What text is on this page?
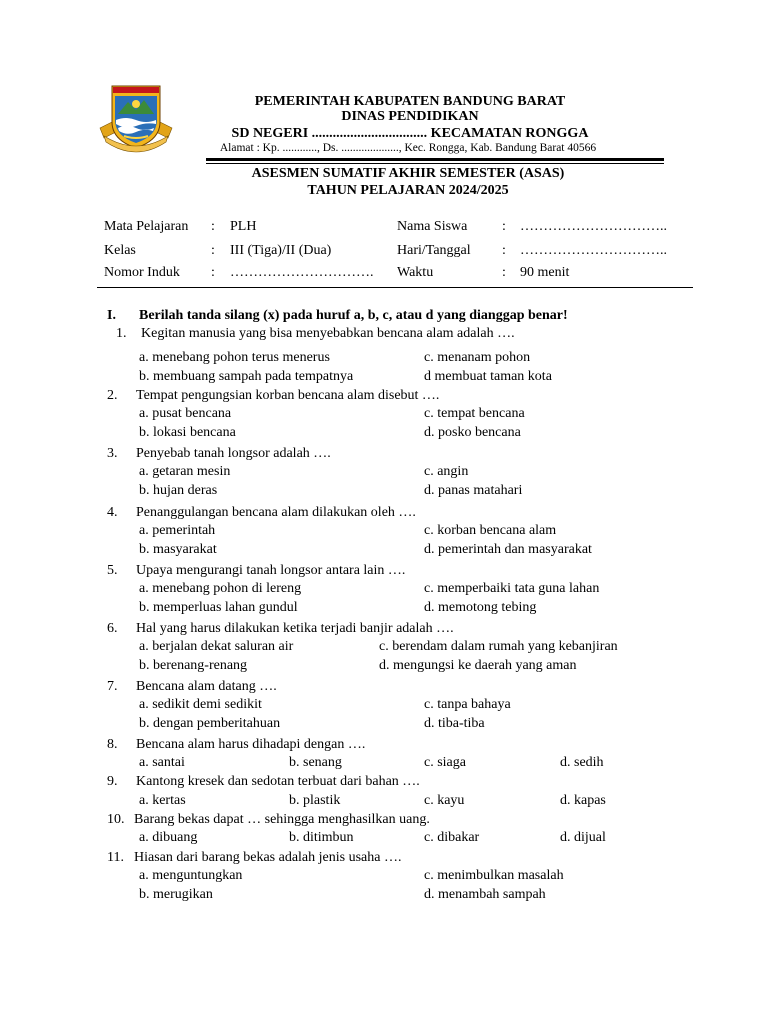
PEMERINTAH KABUPATEN BANDUNG BARAT
DINAS PENDIDIKAN
SD NEGERI ................................. KECAMATAN RONGGA
Alamat : Kp. ............, Ds. ...................., Kec. Rongga, Kab. Bandung Barat 40566
ASESMEN SUMATIF AKHIR SEMESTER (ASAS)
TAHUN PELAJARAN 2024/2025
Mata Pelajaran : PLH	Nama Siswa : …………………………..
Kelas	: III (Tiga)/II (Dua)	Hari/Tanggal : …………………………..
Nomor Induk : …………………………. Waktu	: 90 menit
I. Berilah tanda silang (x) pada huruf a, b, c, atau d yang dianggap benar!
1. Kegitan manusia yang bisa menyebabkan bencana alam adalah ….
a. menebang pohon terus menerus
b. membuang sampah pada tempatnya
c. menanam pohon
d membuat taman kota
2. Tempat pengungsian korban bencana alam disebut ….
a. pusat bencana
b. lokasi bencana
c. tempat bencana
d. posko bencana
3. Penyebab tanah longsor adalah ….
a. getaran mesin
b. hujan deras
c. angin
d. panas matahari
4. Penanggulangan bencana alam dilakukan oleh ….
a. pemerintah
b. masyarakat
c. korban bencana alam
d. pemerintah dan masyarakat
5. Upaya mengurangi tanah longsor antara lain ….
a. menebang pohon di lereng
b. memperluas lahan gundul
c. memperbaiki tata guna lahan
d. memotong tebing
6. Hal yang harus dilakukan ketika terjadi banjir adalah ….
a. berjalan dekat saluran air
b. berenang-renang
c. berendam dalam rumah yang kebanjiran
d. mengungsi ke daerah yang aman
7. Bencana alam datang ….
a. sedikit demi sedikit
b. dengan pemberitahuan
c. tanpa bahaya
d. tiba-tiba
8. Bencana alam harus dihadapi dengan ….
a. santai	b. senang	c. siaga	d. sedih
9. Kantong kresek dan sedotan terbuat dari bahan ….
a. kertas	b. plastik	c. kayu	d. kapas
10. Barang bekas dapat … sehingga menghasilkan uang.
a. dibuang	b. ditimbun	c. dibakar	d. dijual
11. Hiasan dari barang bekas adalah jenis usaha ….
a. menguntungkan
b. merugikan
c. menimbulkan masalah
d. menambah sampah
